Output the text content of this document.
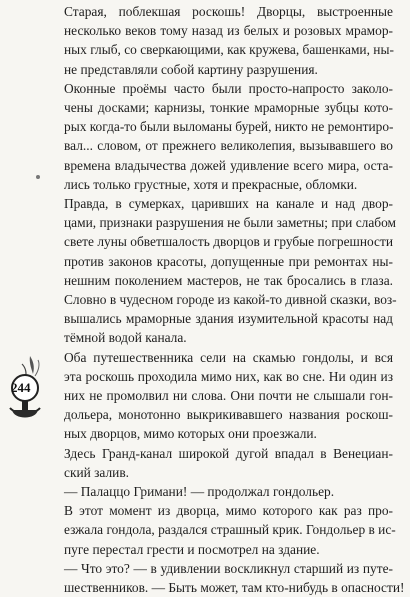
Старая, поблекшая роскошь! Дворцы, выстроенные
несколько веков тому назад из белых и розовых мрамор-
ных глыб, со сверкающими, как кружева, башенками, ны-
не представляли собой картину разрушения.

Оконные проёмы часто были просто-напросто заколо-
чены досками; карнизы, тонкие мраморные зубцы кото-
рых когда-то были выломаны бурей, никто не ремонтиро-
вал... словом, от прежнего великолепия, вызывавшего во
времена владычества дожей удивление всего мира, оста-
лись только грустные, хотя и прекрасные, обломки.

Правда, в сумерках, царивших на канале и над двор-
цами, признаки разрушения не были заметны; при слабом
свете луны обветшалость дворцов и грубые погрешности
против законов красоты, допущенные при ремонтах ны-
нешним поколением мастеров, не так бросались в глаза.
Словно в чудесном городе из какой-то дивной сказки, воз-
вышались мраморные здания изумительной красоты над
тёмной водой канала.

Оба путешественника сели на скамью гондолы, и вся
эта роскошь проходила мимо них, как во сне. Ни один из
них не промолвил ни слова. Они почти не слышали гон-
дольера, монотонно выкрикивавшего названия роскош-
ных дворцов, мимо которых они проезжали.

Здесь Гранд-канал широкой дугой впадал в Венециан-
ский залив.

— Палаццо Гримани! — продолжал гондольер.

В этот момент из дворца, мимо которого как раз про-
езжала гондола, раздался страшный крик. Гондольер в ис-
пуге перестал грести и посмотрел на здание.

— Что это? — в удивлении воскликнул старший из путе-
шественников. — Быть может, там кто-нибудь в опасности!

244
